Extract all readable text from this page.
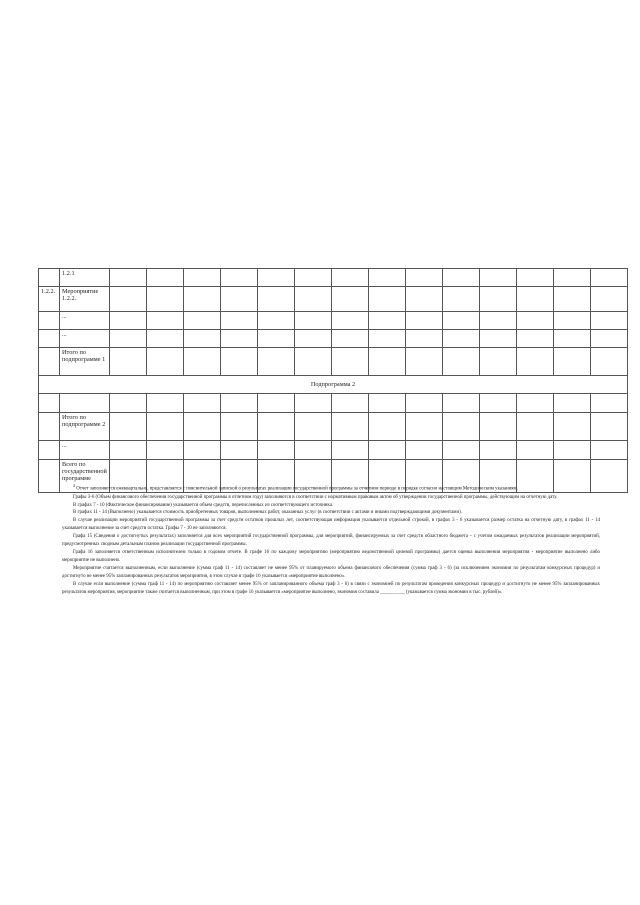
	1.2.1														
1.2.2.	Мероприятие 1.2.2.														
	...														
	...														
	Итого по подпрограмме 1														
Подпрограмма 2															

	Итого по подпрограмме 2														
	...														
	Всего по государственной программе														

$^4$ Отчет заполняется ежеквартально, представляется с пояснительной запиской о результатах реализации государственной программы за отчетном периоде в порядке согласно настоящим Методическим указаниям.

Графы 3-6 (Объем финансового обеспечения государственной программы в отчетном году) заполняются в соответствии с нормативным правовым актом об утверждении государственной программы, действующим на отчетную дату.

В графах 7 - 10 (Фактическое финансирование) указывается объем средств, перечисленных из соответствующего источника.

В графах 11 - 14 (Выполнено) указывается стоимость приобретенных товаров, выполненных работ, оказанных услуг (в соответствии с актами и иными подтверждающими документами).

В случае реализации мероприятий государственной программы за счет средств остатков прошлых лет, соответствующая информация указывается отдельной строкой, в графах 3 - 6 указывается размер остатка на отчетную дату, в графах 11 - 14 указывается выполнение за счет средств остатка. Графы 7 - 10 не заполняются.

Графа 15 (Сведения о достигнутых результатах) заполняется для всех мероприятий государственной программы, для мероприятий, финансируемых за счет средств областного бюджета – с учетом ожидаемых результатов реализации мероприятий, предусмотренных сводным детальным планом реализации государственной программы.

Графа 16 заполняется ответственным исполнителем только в годовом отчете. В графе 16 по каждому мероприятию (мероприятию ведомственной целевой программы) дается оценка выполнения мероприятия - мероприятие выполнено либо мероприятие не выполнено.

Мероприятие считается выполненным, если выполнение (сумма граф 11 - 14) составляет не менее 95% от планируемого объема финансового обеспечения (сумма граф 3 - 6) (за исключением экономии по результатам конкурсных процедур) и достигнуто не менее 95% запланированных результатов мероприятия, в этом случае в графе 16 указывается «мероприятие выполнено».

В случае если выполнение (сумма граф 11 - 14) по мероприятию составляет менее 95% от запланированного объема граф 3 - 6) в связи с экономией по результатам проведения конкурсных процедур и достигнуто не менее 95% запланированных результатов мероприятия, мероприятие также считается выполненным, при этом в графе 16 указывается «мероприятие выполнено, экономия составила __________ (указывается сумма экономии в тыс. рублей)».
